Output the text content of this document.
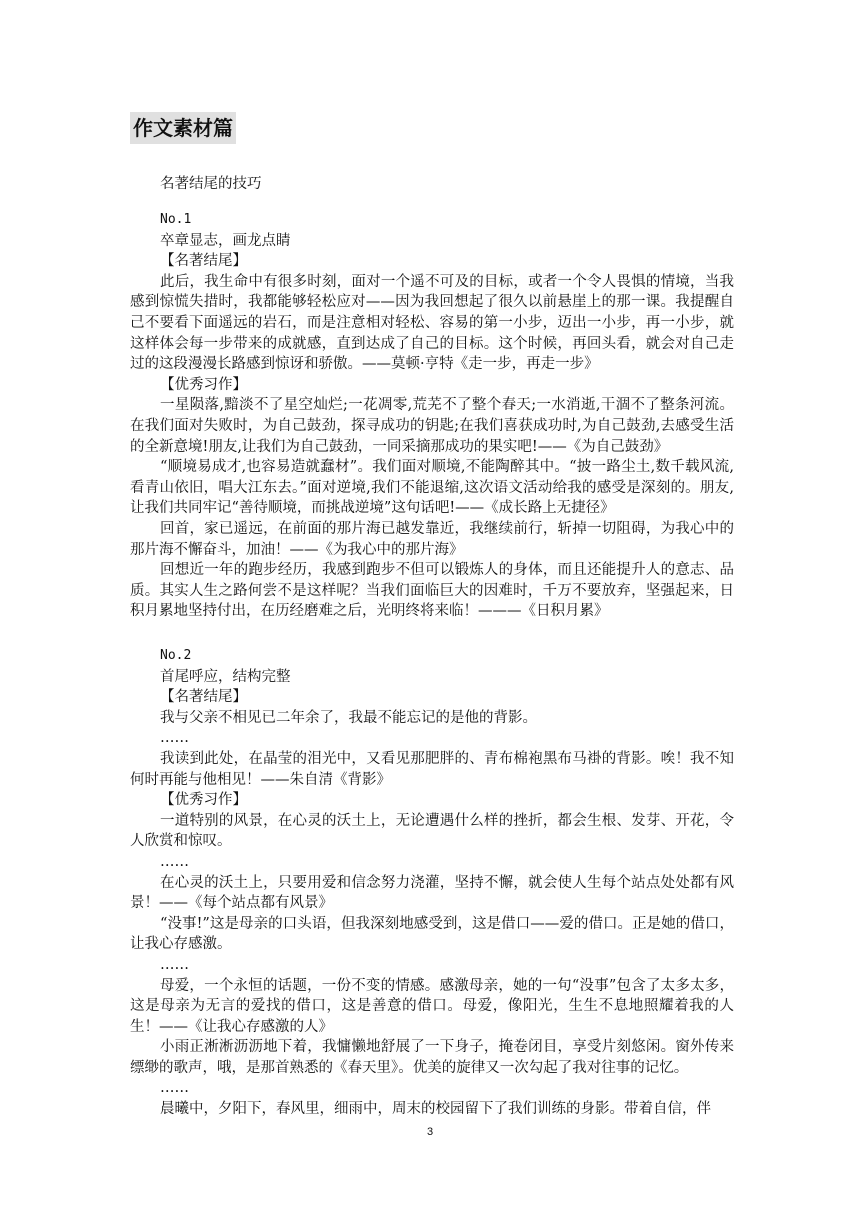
作文素材篇
名著结尾的技巧

No.1

卒章显志，画龙点睛

【名著结尾】

此后，我生命中有很多时刻，面对一个遥不可及的目标，或者一个令人畏惧的情境，当我感到惊慌失措时，我都能够轻松应对——因为我回想起了很久以前悬崖上的那一课。我提醒自己不要看下面遥远的岩石，而是注意相对轻松、容易的第一小步，迈出一小步，再一小步，就这样体会每一步带来的成就感，直到达成了自己的目标。这个时候，再回头看，就会对自己走过的这段漫漫长路感到惊讶和骄傲。——莫顿·亨特《走一步，再走一步》

【优秀习作】

一星陨落,黯淡不了星空灿烂;一花凋零,荒芜不了整个春天;一水消逝,干涸不了整条河流。在我们面对失败时，为自己鼓劲，探寻成功的钥匙;在我们喜获成功时,为自己鼓劲,去感受生活的全新意境!朋友,让我们为自己鼓劲，一同采摘那成功的果实吧!——《为自己鼓劲》

“顺境易成才,也容易造就蠢材”。我们面对顺境,不能陶醉其中。“披一路尘土,数千载风流,看青山依旧，唱大江东去。”面对逆境,我们不能退缩,这次语文活动给我的感受是深刻的。朋友,让我们共同牢记“善待顺境，而挑战逆境”这句话吧!——《成长路上无捷径》

回首，家已遥远，在前面的那片海已越发靠近，我继续前行，斩掉一切阻碍，为我心中的那片海不懈奋斗，加油！——《为我心中的那片海》

回想近一年的跑步经历，我感到跑步不但可以锻炼人的身体，而且还能提升人的意志、品质。其实人生之路何尝不是这样呢？当我们面临巨大的因难时，千万不要放弃，坚强起来，日积月累地坚持付出，在历经磨难之后，光明终将来临！———《日积月累》

No.2

首尾呼应，结构完整

【名著结尾】

我与父亲不相见已二年余了，我最不能忘记的是他的背影。

……

我读到此处，在晶莹的泪光中，又看见那肥胖的、青布棉袍黑布马褂的背影。唉！我不知何时再能与他相见！——朱自清《背影》

【优秀习作】

一道特别的风景，在心灵的沃土上，无论遭遇什么样的挫折，都会生根、发芽、开花，令人欣赏和惊叹。

……

在心灵的沃土上，只要用爱和信念努力浇灌，坚持不懈，就会使人生每个站点处处都有风景！——《每个站点都有风景》

“没事!”这是母亲的口头语，但我深刻地感受到，这是借口——爱的借口。正是她的借口，让我心存感激。

……

母爱，一个永恒的话题，一份不变的情感。感激母亲，她的一句“没事”包含了太多太多，这是母亲为无言的爱找的借口，这是善意的借口。母爱，像阳光，生生不息地照耀着我的人生！——《让我心存感激的人》

小雨正淅淅沥沥地下着，我慵懒地舒展了一下身子，掩卷闭目，享受片刻悠闲。窗外传来缥缈的歌声，哦，是那首熟悉的《春天里》。优美的旋律又一次勾起了我对往事的记忆。

……

晨曦中，夕阳下，春风里，细雨中，周末的校园留下了我们训练的身影。带着自信，伴

3
